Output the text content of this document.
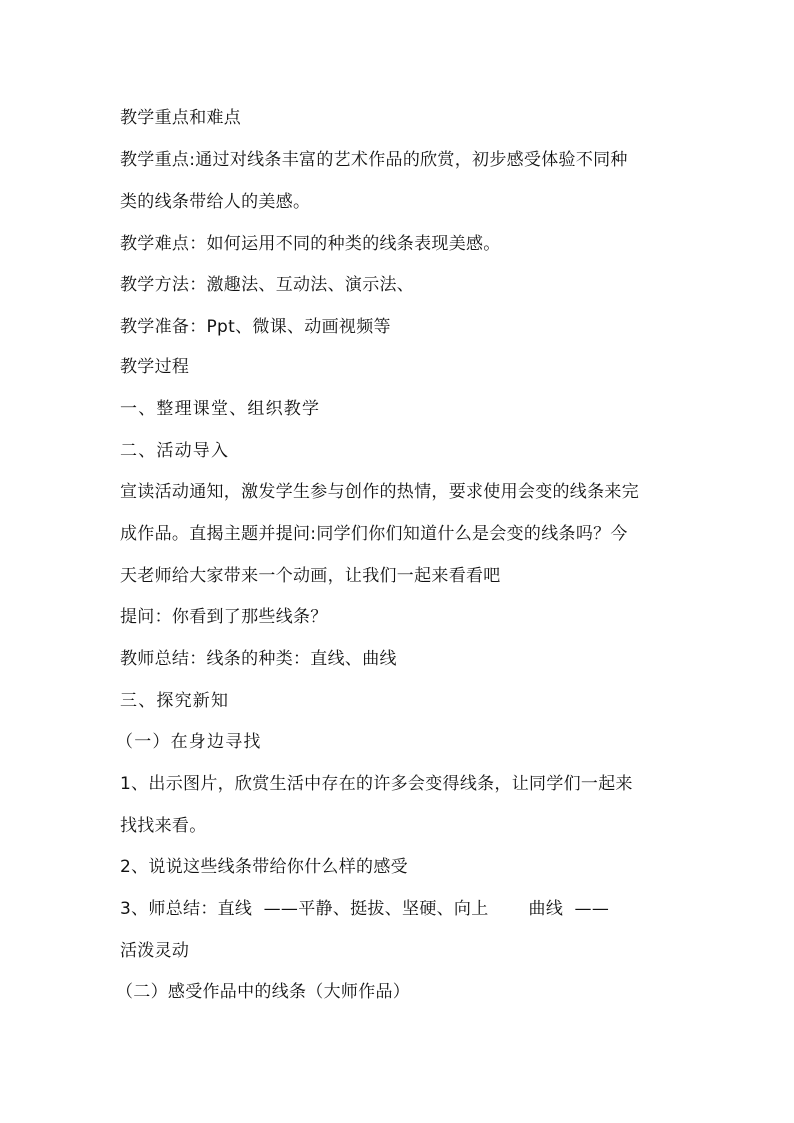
教学重点和难点
教学重点:通过对线条丰富的艺术作品的欣赏，初步感受体验不同种
类的线条带给人的美感。
教学难点：如何运用不同的种类的线条表现美感。
教学方法：激趣法、互动法、演示法、
教学准备：Ppt、微课、动画视频等
教学过程
一、整理课堂、组织教学
二、活动导入
宣读活动通知，激发学生参与创作的热情，要求使用会变的线条来完
成作品。直揭主题并提问:同学们你们知道什么是会变的线条吗？今
天老师给大家带来一个动画，让我们一起来看看吧
提问：你看到了那些线条？
教师总结：线条的种类：直线、曲线
三、探究新知
（一）在身边寻找
1、出示图片，欣赏生活中存在的许多会变得线条，让同学们一起来
找找来看。
2、说说这些线条带给你什么样的感受
3、师总结：直线  ——平静、挺拔、坚硬、向上 曲线  ——
活泼灵动
（二）感受作品中的线条（大师作品）
